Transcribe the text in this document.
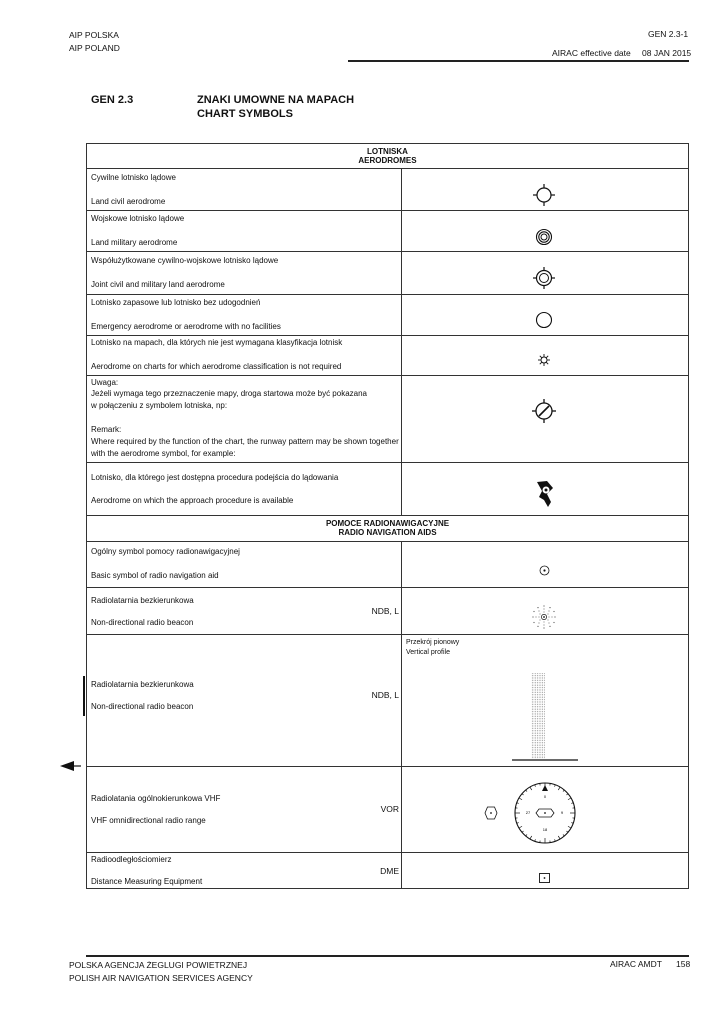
AIP POLSKA
AIP POLAND
GEN 2.3-1
AIRAC effective date 08 JAN 2015
GEN 2.3	ZNAKI UMOWNE NA MAPACH
CHART SYMBOLS
LOTNISKA
AERODROMES
POMOCE RADIONAWIGACYJNE
RADIO NAVIGATION AIDS
Cywilne lotnisko lądowe
Land civil aerodrome
Wojskowe lotnisko lądowe
Land military aerodrome
Współużytkowane cywilno-wojskowe lotnisko lądowe
Joint civil and military land aerodrome
Lotnisko zapasowe lub lotnisko bez udogodnień
Emergency aerodrome or aerodrome with no facilities
Lotnisko na mapach, dla których nie jest wymagana klasyfikacja lotnisk
Aerodrome on charts for which aerodrome classification is not required
Uwaga:
Jeżeli wymaga tego przeznaczenie mapy, droga startowa może być pokazana
w połączeniu z symbolem lotniska, np:
Remark:
Where required by the function of the chart, the runway pattern may be shown together
with the aerodrome symbol, for example:
Lotnisko, dla którego jest dostępna procedura podejścia do lądowania
Aerodrome on which the approach procedure is available
Ogólny symbol pomocy radionawigacyjnej
Basic symbol of radio navigation aid
Radiolatarnia bezkierunkowa
Non-directional radio beacon
NDB, L
Przekrój pionowy
Vertical profile
Radiolatarnia bezkierunkowa
Non-directional radio beacon
NDB, L
Radiolatania ogólnokierunkowa VHF
VHF omnidirectional radio range
VOR
0
9
18
27
Radioodległościomierz
Distance Measuring Equipment
DME
POLSKA AGENCJA ŻEGLUGI POWIETRZNEJ
POLISH AIR NAVIGATION SERVICES AGENCY
AIRAC AMDT 158
